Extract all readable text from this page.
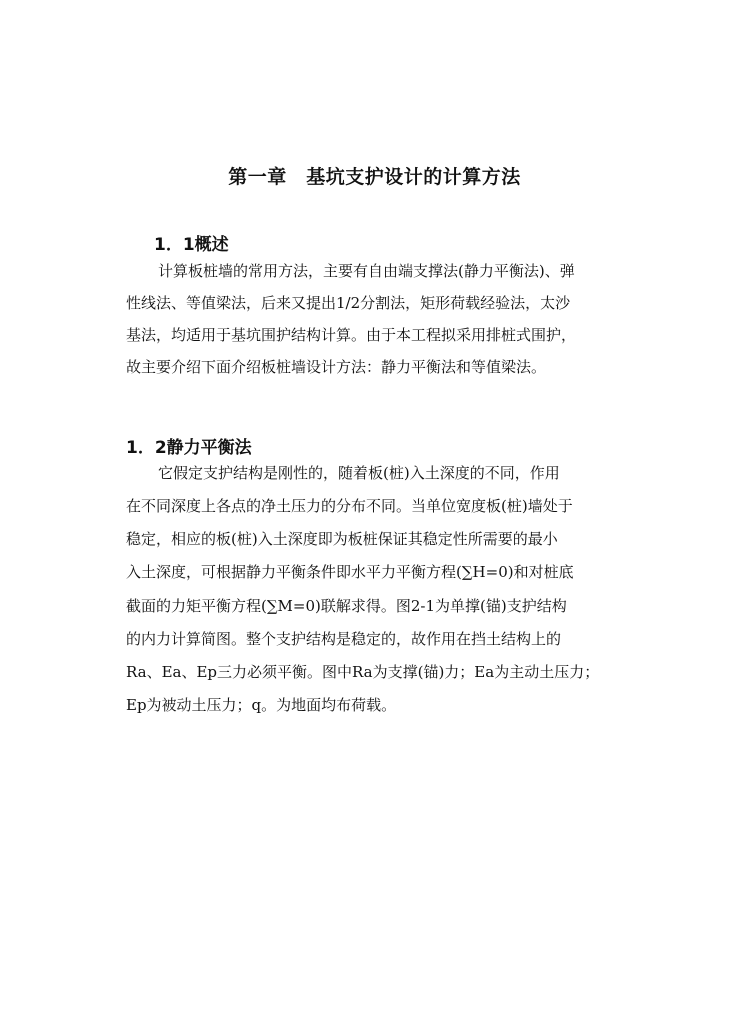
第一章　基坑支护设计的计算方法
1．1概述
计算板桩墙的常用方法，主要有自由端支撑法(静力平衡法)、弹
性线法、等值梁法，后来又提出1/2分割法，矩形荷载经验法，太沙
基法，均适用于基坑围护结构计算。由于本工程拟采用排桩式围护，
故主要介绍下面介绍板桩墙设计方法：静力平衡法和等值梁法。
1．2静力平衡法
它假定支护结构是刚性的，随着板(桩)入土深度的不同，作用
在不同深度上各点的净土压力的分布不同。当单位宽度板(桩)墙处于
稳定，相应的板(桩)入土深度即为板桩保证其稳定性所需要的最小
入土深度，可根据静力平衡条件即水平力平衡方程(∑H=0)和对桩底
截面的力矩平衡方程(∑M=0)联解求得。图2-1为单撑(锚)支护结构
的内力计算简图。整个支护结构是稳定的，故作用在挡土结构上的
Ra、Ea、Ep三力必须平衡。图中Ra为支撑(锚)力；Ea为主动土压力；
Ep为被动土压力；q。为地面均布荷载。
